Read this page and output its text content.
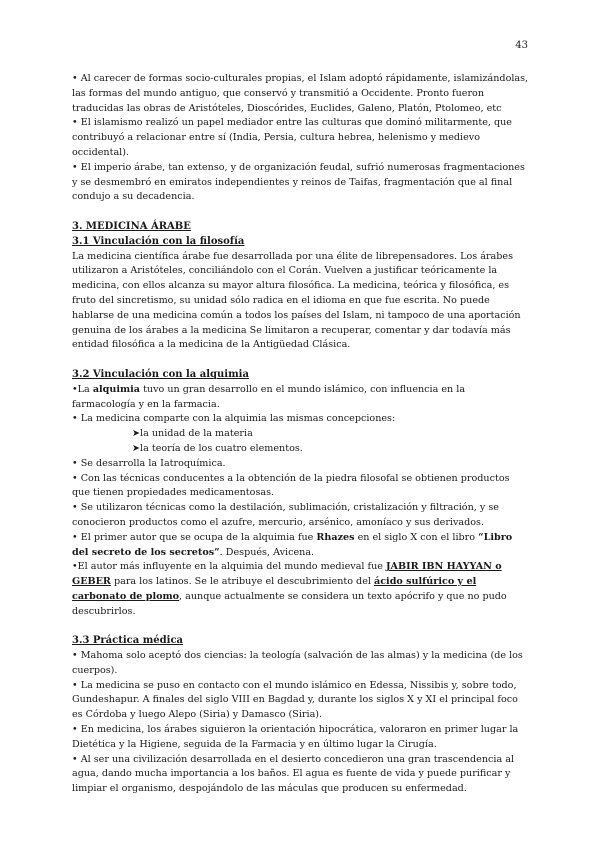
43

• Al carecer de formas socio-culturales propias, el Islam adoptó rápidamente, islamizándolas, las formas del mundo antiguo, que conservó y transmitió a Occidente. Pronto fueron traducidas las obras de Aristóteles, Dioscórides, Euclides, Galeno, Platón, Ptolomeo, etc

• El islamismo realizó un papel mediador entre las culturas que dominó militarmente, que contribuyó a relacionar entre sí (India, Persia, cultura hebrea, helenismo y medievo occidental).

• El imperio árabe, tan extenso, y de organización feudal, sufrió numerosas fragmentaciones y se desmembró en emiratos independientes y reinos de Taifas, fragmentación que al final condujo a su decadencia.

3. MEDICINA ÁRABE

3.1 Vinculación con la filosofía

La medicina científica árabe fue desarrollada por una élite de librepensadores. Los árabes utilizaron a Aristóteles, conciliándolo con el Corán. Vuelven a justificar teóricamente la medicina, con ellos alcanza su mayor altura filosófica. La medicina, teórica y filosófica, es fruto del sincretismo, su unidad sólo radica en el idioma en que fue escrita. No puede hablarse de una medicina común a todos los países del Islam, ni tampoco de una aportación genuina de los árabes a la medicina Se limitaron a recuperar, comentar y dar todavía más entidad filosófica a la medicina de la Antigüedad Clásica.

3.2 Vinculación con la alquimia

•La alquimia tuvo un gran desarrollo en el mundo islámico, con influencia en la farmacología y en la farmacia.

• La medicina comparte con la alquimia las mismas concepciones:

➤la unidad de la materia

➤la teoría de los cuatro elementos.

• Se desarrolla la Iatroquímica.

• Con las técnicas conducentes a la obtención de la piedra filosofal se obtienen productos que tienen propiedades medicamentosas.

• Se utilizaron técnicas como la destilación, sublimación, cristalización y filtración, y se conocieron productos como el azufre, mercurio, arsénico, amoníaco y sus derivados.

• El primer autor que se ocupa de la alquimia fue Rhazes en el siglo X con el libro “Libro del secreto de los secretos”. Después, Avicena.

•El autor más influyente en la alquimia del mundo medieval fue JABIR IBN HAYYAN o GEBER para los latinos. Se le atribuye el descubrimiento del ácido sulfúrico y el carbonato de plomo, aunque actualmente se considera un texto apócrifo y que no pudo descubrirlos.

3.3 Práctica médica

• Mahoma solo aceptó dos ciencias: la teología (salvación de las almas) y la medicina (de los cuerpos).

• La medicina se puso en contacto con el mundo islámico en Edessa, Nissibis y, sobre todo, Gundeshapur. A finales del siglo VIII en Bagdad y, durante los siglos X y XI el principal foco es Córdoba y luego Alepo (Siria) y Damasco (Siria).

• En medicina, los árabes siguieron la orientación hipocrática, valoraron en primer lugar la Dietética y la Higiene, seguida de la Farmacia y en último lugar la Cirugía.

• Al ser una civilización desarrollada en el desierto concedieron una gran trascendencia al agua, dando mucha importancia a los baños. El agua es fuente de vida y puede purificar y limpiar el organismo, despojándolo de las máculas que producen su enfermedad.
